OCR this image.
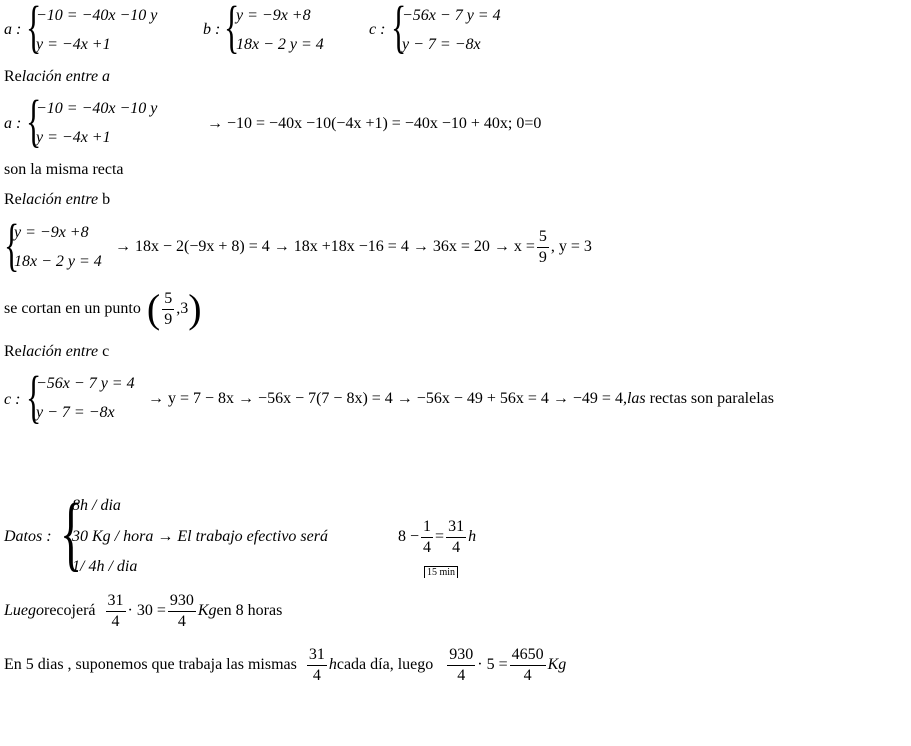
a : {
−10 = −40x −10 y
y = −4x +1
b : {
y = −9x +8
18x − 2 y = 4
c : {
−56x − 7 y = 4
y − 7 = −8x
Relación entre a
a : {
−10 = −40x −10 y
y = −4x +1
→ −10 = −40x −10(−4x +1) = −40x −10 + 40x; 0=0
son la misma recta
Relación entre b
{
y = −9x +8
18x − 2 y = 4
→ $18x - 2(-9x + 8) = 4 \to 18x +18x -16 = 4 \to 36x = 20 \to x = \frac{5}{9}$ , y = 3
se cortan en un punto ( $\frac{5}{9} ,3$ )
Relación entre c
c : {
−56x − 7 y = 4
y − 7 = −8x
→ y = 7 − 8x → −56x − 7(7 − 8x) = 4 → −56x − 49 + 56x = 4 → −49 = 4,las rectas son paralelas
Datos : {
8h / dia
30 Kg / hora → El trabajo efectivo será
1/ 4h / dia
$8 - \frac{1}{4} = \frac{31}{4}$ h
15 min
Luego recojerá $\frac{31}{4} \cdot 30 = \frac{930}{4}$ Kg en 8 horas
En 5 dias , suponemos que trabaja las mismas $\frac{31}{4}$ h cada día, luego $\frac{930}{4} \cdot 5 = \frac{4650}{4}$ Kg
